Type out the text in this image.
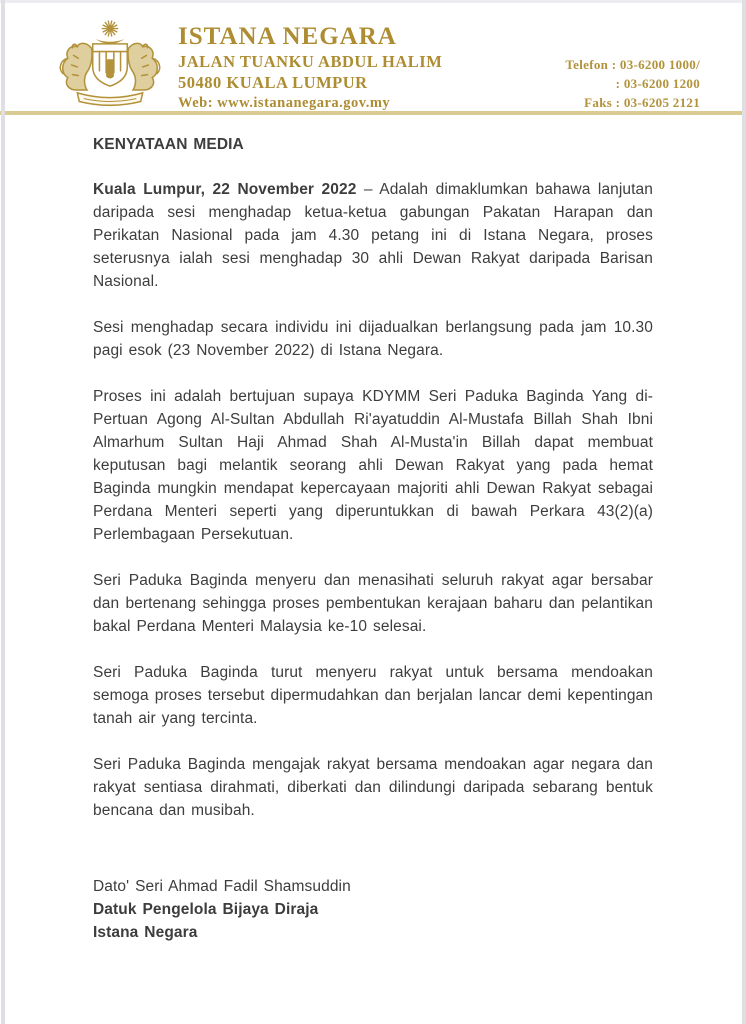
ISTANA NEGARA
JALAN TUANKU ABDUL HALIM
50480 KUALA LUMPUR
Web: www.istananegara.gov.my
Telefon : 03-6200 1000/
: 03-6200 1200
Faks : 03-6205 2121
KENYATAAN MEDIA

Kuala Lumpur, 22 November 2022 – Adalah dimaklumkan bahawa lanjutan daripada sesi menghadap ketua-ketua gabungan Pakatan Harapan dan Perikatan Nasional pada jam 4.30 petang ini di Istana Negara, proses seterusnya ialah sesi menghadap 30 ahli Dewan Rakyat daripada Barisan Nasional.

Sesi menghadap secara individu ini dijadualkan berlangsung pada jam 10.30 pagi esok (23 November 2022) di Istana Negara.

Proses ini adalah bertujuan supaya KDYMM Seri Paduka Baginda Yang di-Pertuan Agong Al-Sultan Abdullah Ri'ayatuddin Al-Mustafa Billah Shah Ibni Almarhum Sultan Haji Ahmad Shah Al-Musta'in Billah dapat membuat keputusan bagi melantik seorang ahli Dewan Rakyat yang pada hemat Baginda mungkin mendapat kepercayaan majoriti ahli Dewan Rakyat sebagai Perdana Menteri seperti yang diperuntukkan di bawah Perkara 43(2)(a) Perlembagaan Persekutuan.

Seri Paduka Baginda menyeru dan menasihati seluruh rakyat agar bersabar dan bertenang sehingga proses pembentukan kerajaan baharu dan pelantikan bakal Perdana Menteri Malaysia ke-10 selesai.

Seri Paduka Baginda turut menyeru rakyat untuk bersama mendoakan semoga proses tersebut dipermudahkan dan berjalan lancar demi kepentingan tanah air yang tercinta.

Seri Paduka Baginda mengajak rakyat bersama mendoakan agar negara dan rakyat sentiasa dirahmati, diberkati dan dilindungi daripada sebarang bentuk bencana dan musibah.

Dato' Seri Ahmad Fadil Shamsuddin
Datuk Pengelola Bijaya Diraja
Istana Negara
